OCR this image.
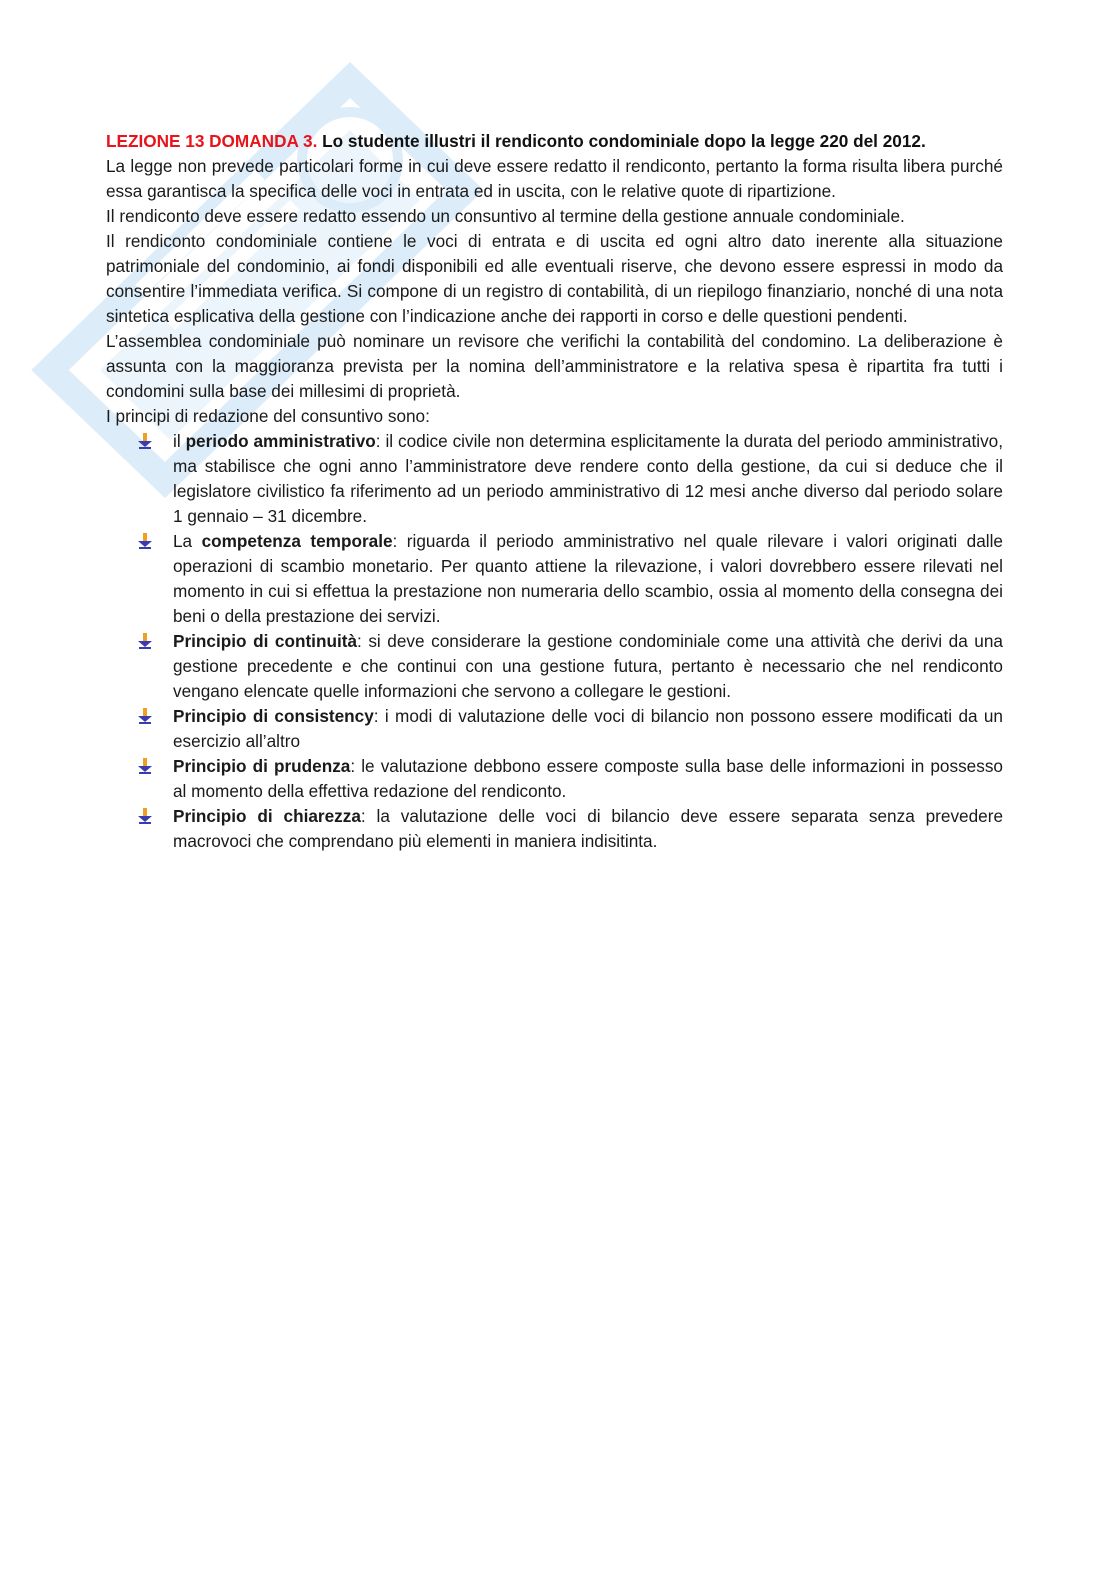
LEZIONE 13 DOMANDA 3. Lo studente illustri il rendiconto condominiale dopo la legge 220 del 2012.

La legge non prevede particolari forme in cui deve essere redatto il rendiconto, pertanto la forma risulta libera purché essa garantisca la specifica delle voci in entrata ed in uscita, con le relative quote di ripartizione.

Il rendiconto deve essere redatto essendo un consuntivo al termine della gestione annuale condominiale.

Il rendiconto condominiale contiene le voci di entrata e di uscita ed ogni altro dato inerente alla situazione patrimoniale del condominio, ai fondi disponibili ed alle eventuali riserve, che devono essere espressi in modo da consentire l’immediata verifica. Si compone di un registro di contabilità, di un riepilogo finanziario, nonché di una nota sintetica esplicativa della gestione con l’indicazione anche dei rapporti in corso e delle questioni pendenti.

L’assemblea condominiale può nominare un revisore che verifichi la contabilità del condomino. La deliberazione è assunta con la maggioranza prevista per la nomina dell’amministratore e la relativa spesa è ripartita fra tutti i condomini sulla base dei millesimi di proprietà.

I principi di redazione del consuntivo sono:

il periodo amministrativo: il codice civile non determina esplicitamente la durata del periodo amministrativo, ma stabilisce che ogni anno l’amministratore deve rendere conto della gestione, da cui si deduce che il legislatore civilistico fa riferimento ad un periodo amministrativo di 12 mesi anche diverso dal periodo solare 1 gennaio – 31 dicembre.
La competenza temporale: riguarda il periodo amministrativo nel quale rilevare i valori originati dalle operazioni di scambio monetario. Per quanto attiene la rilevazione, i valori dovrebbero essere rilevati nel momento in cui si effettua la prestazione non numeraria dello scambio, ossia al momento della consegna dei beni o della prestazione dei servizi.
Principio di continuità: si deve considerare la gestione condominiale come una attività che derivi da una gestione precedente e che continui con una gestione futura, pertanto è necessario che nel rendiconto vengano elencate quelle informazioni che servono a collegare le gestioni.
Principio di consistency: i modi di valutazione delle voci di bilancio non possono essere modificati da un esercizio all’altro
Principio di prudenza: le valutazione debbono essere composte sulla base delle informazioni in possesso al momento della effettiva redazione del rendiconto.
Principio di chiarezza: la valutazione delle voci di bilancio deve essere separata senza prevedere macrovoci che comprendano più elementi in maniera indisitinta.
